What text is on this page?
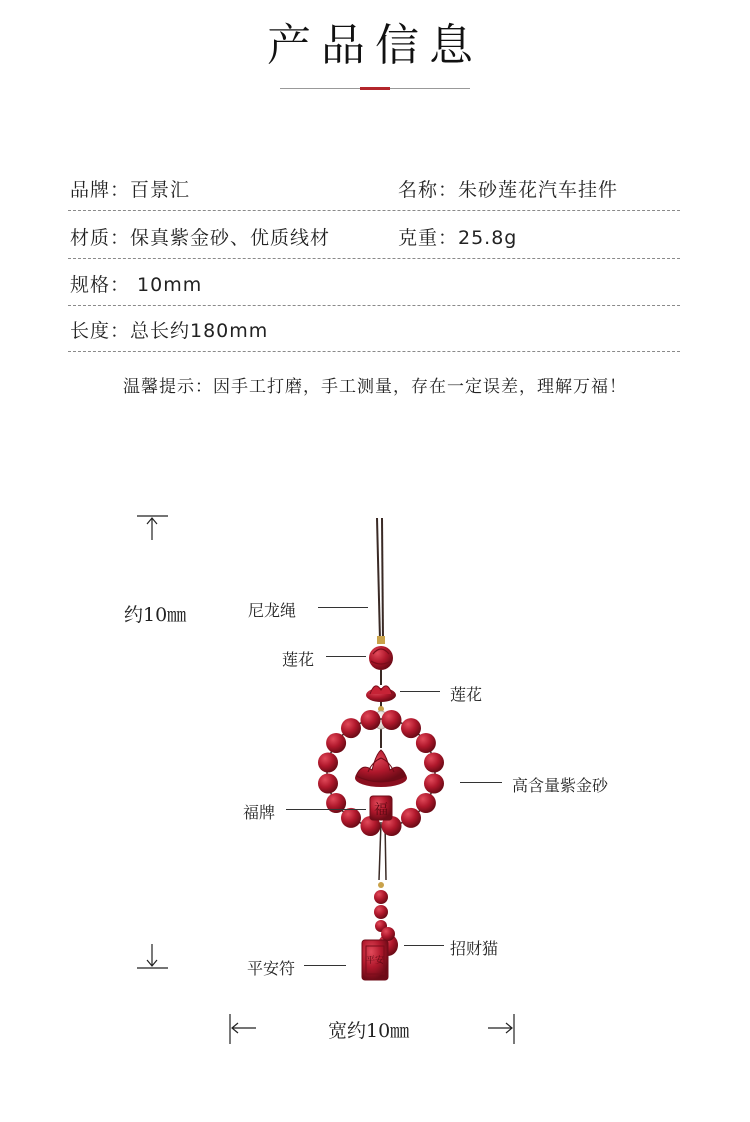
产品信息
品牌：百景汇	名称：朱砂莲花汽车挂件
材质：保真紫金砂、优质线材	克重：25.8g
规格： 10mm
长度：总长约180mm
温馨提示：因手工打磨，手工测量，存在一定误差，理解万福！
福
平安
约10㎜
宽约10㎜
尼龙绳
莲花
莲花
高含量紫金砂
福牌
招财猫
平安符
